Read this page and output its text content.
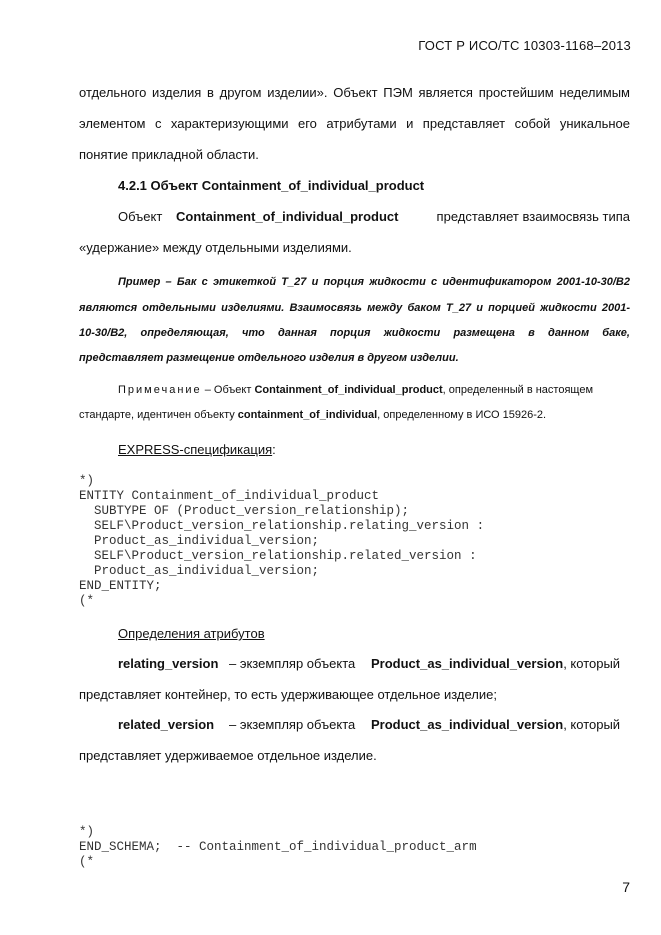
ГОСТ Р ИСО/ТС 10303-1168–2013
отдельного изделия в другом изделии». Объект ПЭМ является простейшим неделимым
элементом с характеризующими его атрибутами и представляет собой уникальное
понятие прикладной области.
4.2.1 Объект Containment_of_individual_product
Объект Containment_of_individual_product	представляет взаимосвязь типа
«удержание» между отдельными изделиями.
Пример – Бак с этикеткой Т_27 и порция жидкости с идентификатором 2001-10-30/В2
являются отдельными изделиями. Взаимосвязь между баком Т_27 и порцией жидкости 2001-
10-30/В2, определяющая, что данная порция жидкости размещена в данном баке,
представляет размещение отдельного изделия в другом изделии.
Примечание – Объект Containment_of_individual_product, определенный в настоящем
стандарте, идентичен объекту containment_of_individual, определенному в ИСО 15926-2.
EXPRESS-спецификация:
*)
ENTITY Containment_of_individual_product
SUBTYPE OF (Product_version_relationship);
SELF\Product_version_relationship.relating_version :
Product_as_individual_version;
SELF\Product_version_relationship.related_version :
Product_as_individual_version;
END_ENTITY;
(*
Определения атрибутов
relating_version – экземпляр объекта Product_as_individual_version, который
представляет контейнер, то есть удерживающее отдельное изделие;
related_version – экземпляр объекта Product_as_individual_version, который
представляет удерживаемое отдельное изделие.
*)
END_SCHEMA;  -- Containment_of_individual_product_arm
(*
7
